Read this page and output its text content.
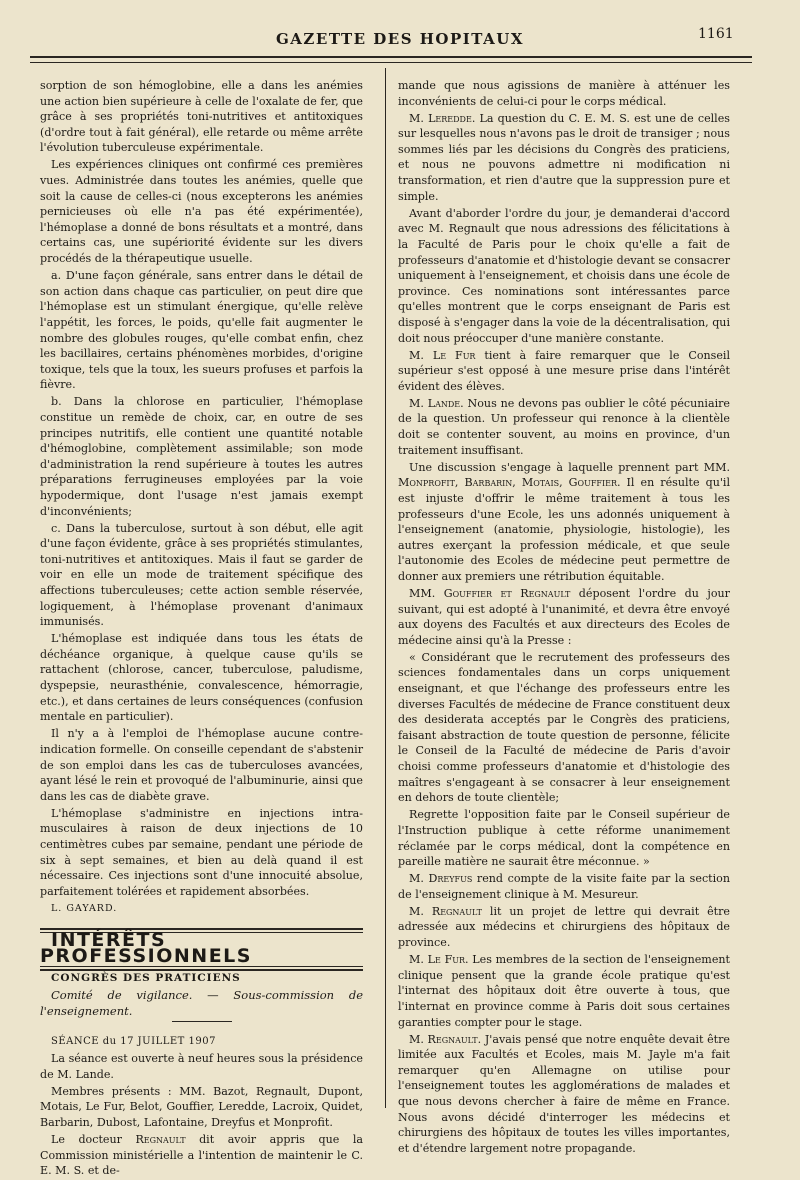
GAZETTE DES HOPITAUX	1161

sorption de son hémoglobine, elle a dans les anémies une action bien supérieure à celle de l'oxalate de fer, que grâce à ses propriétés toni-nutritives et antitoxiques (d'ordre tout à fait général), elle retarde ou même arrête l'évolution tuberculeuse expérimentale.

Les expériences cliniques ont confirmé ces premières vues. Administrée dans toutes les anémies, quelle que soit la cause de celles-ci (nous excepterons les anémies pernicieuses où elle n'a pas été expérimentée), l'hémoplase a donné de bons résultats et a montré, dans certains cas, une supériorité évidente sur les divers procédés de la thérapeutique usuelle.

a. D'une façon générale, sans entrer dans le détail de son action dans chaque cas particulier, on peut dire que l'hémoplase est un stimulant énergique, qu'elle relève l'appétit, les forces, le poids, qu'elle fait augmenter le nombre des globules rouges, qu'elle combat enfin, chez les bacillaires, certains phénomènes morbides, d'origine toxique, tels que la toux, les sueurs profuses et parfois la fièvre.

b. Dans la chlorose en particulier, l'hémoplase constitue un remède de choix, car, en outre de ses principes nutritifs, elle contient une quantité notable d'hémoglobine, complètement assimilable; son mode d'administration la rend supérieure à toutes les autres préparations ferrugineuses employées par la voie hypodermique, dont l'usage n'est jamais exempt d'inconvénients;

c. Dans la tuberculose, surtout à son début, elle agit d'une façon évidente, grâce à ses propriétés stimulantes, toni-nutritives et antitoxiques. Mais il faut se garder de voir en elle un mode de traitement spécifique des affections tuberculeuses; cette action semble réservée, logiquement, à l'hémoplase provenant d'animaux immunisés.

L'hémoplase est indiquée dans tous les états de déchéance organique, à quelque cause qu'ils se rattachent (chlorose, cancer, tuberculose, paludisme, dyspepsie, neurasthénie, convalescence, hémorragie, etc.), et dans certaines de leurs conséquences (confusion mentale en particulier).

Il n'y a à l'emploi de l'hémoplase aucune contre-indication formelle. On conseille cependant de s'abstenir de son emploi dans les cas de tuberculoses avancées, ayant lésé le rein et provoqué de l'albuminurie, ainsi que dans les cas de diabète grave.

L'hémoplase s'administre en injections intra-musculaires à raison de deux injections de 10 centimètres cubes par semaine, pendant une période de six à sept semaines, et bien au delà quand il est nécessaire. Ces injections sont d'une innocuité absolue, parfaitement tolérées et rapidement absorbées.

L. GAYARD.

INTÉRÊTS PROFESSIONNELS

CONGRÈS DES PRATICIENS

Comité de vigilance. — Sous-commission de l'enseignement.

SÉANCE du 17 JUILLET 1907

La séance est ouverte à neuf heures sous la présidence de M. Lande.

Membres présents : MM. Bazot, Regnault, Dupont, Motais, Le Fur, Belot, Gouffier, Leredde, Lacroix, Quidet, Barbarin, Dubost, Lafontaine, Dreyfus et Monprofit.

Le docteur Regnault dit avoir appris que la Commission ministérielle a l'intention de maintenir le C. E. M. S. et de-

mande que nous agissions de manière à atténuer les inconvénients de celui-ci pour le corps médical.

M. Leredde. La question du C. E. M. S. est une de celles sur lesquelles nous n'avons pas le droit de transiger ; nous sommes liés par les décisions du Congrès des praticiens, et nous ne pouvons admettre ni modification ni transformation, et rien d'autre que la suppression pure et simple.

Avant d'aborder l'ordre du jour, je demanderai d'accord avec M. Regnault que nous adressions des félicitations à la Faculté de Paris pour le choix qu'elle a fait de professeurs d'anatomie et d'histologie devant se consacrer uniquement à l'enseignement, et choisis dans une école de province. Ces nominations sont intéressantes parce qu'elles montrent que le corps enseignant de Paris est disposé à s'engager dans la voie de la décentralisation, qui doit nous préoccuper d'une manière constante.

M. Le Fur tient à faire remarquer que le Conseil supérieur s'est opposé à une mesure prise dans l'intérêt évident des élèves.

M. Lande. Nous ne devons pas oublier le côté pécuniaire de la question. Un professeur qui renonce à la clientèle doit se contenter souvent, au moins en province, d'un traitement insuffisant.

Une discussion s'engage à laquelle prennent part MM. Monprofit, Barbarin, Motais, Gouffier. Il en résulte qu'il est injuste d'offrir le même traitement à tous les professeurs d'une Ecole, les uns adonnés uniquement à l'enseignement (anatomie, physiologie, histologie), les autres exerçant la profession médicale, et que seule l'autonomie des Ecoles de médecine peut permettre de donner aux premiers une rétribution équitable.

MM. Gouffier et Regnault déposent l'ordre du jour suivant, qui est adopté à l'unanimité, et devra être envoyé aux doyens des Facultés et aux directeurs des Ecoles de médecine ainsi qu'à la Presse :

« Considérant que le recrutement des professeurs des sciences fondamentales dans un corps uniquement enseignant, et que l'échange des professeurs entre les diverses Facultés de médecine de France constituent deux des desiderata acceptés par le Congrès des praticiens, faisant abstraction de toute question de personne, félicite le Conseil de la Faculté de médecine de Paris d'avoir choisi comme professeurs d'anatomie et d'histologie des maîtres s'engageant à se consacrer à leur enseignement en dehors de toute clientèle;

Regrette l'opposition faite par le Conseil supérieur de l'Instruction publique à cette réforme unanimement réclamée par le corps médical, dont la compétence en pareille matière ne saurait être méconnue. »

M. Dreyfus rend compte de la visite faite par la section de l'enseignement clinique à M. Mesureur.

M. Regnault lit un projet de lettre qui devrait être adressée aux médecins et chirurgiens des hôpitaux de province.

M. Le Fur. Les membres de la section de l'enseignement clinique pensent que la grande école pratique qu'est l'internat des hôpitaux doit être ouverte à tous, que l'internat en province comme à Paris doit sous certaines garanties compter pour le stage.

M. Regnault. J'avais pensé que notre enquête devait être limitée aux Facultés et Ecoles, mais M. Jayle m'a fait remarquer qu'en Allemagne on utilise pour l'enseignement toutes les agglomérations de malades et que nous devons chercher à faire de même en France. Nous avons décidé d'interroger les médecins et chirurgiens des hôpitaux de toutes les villes importantes, et d'étendre largement notre propagande.
